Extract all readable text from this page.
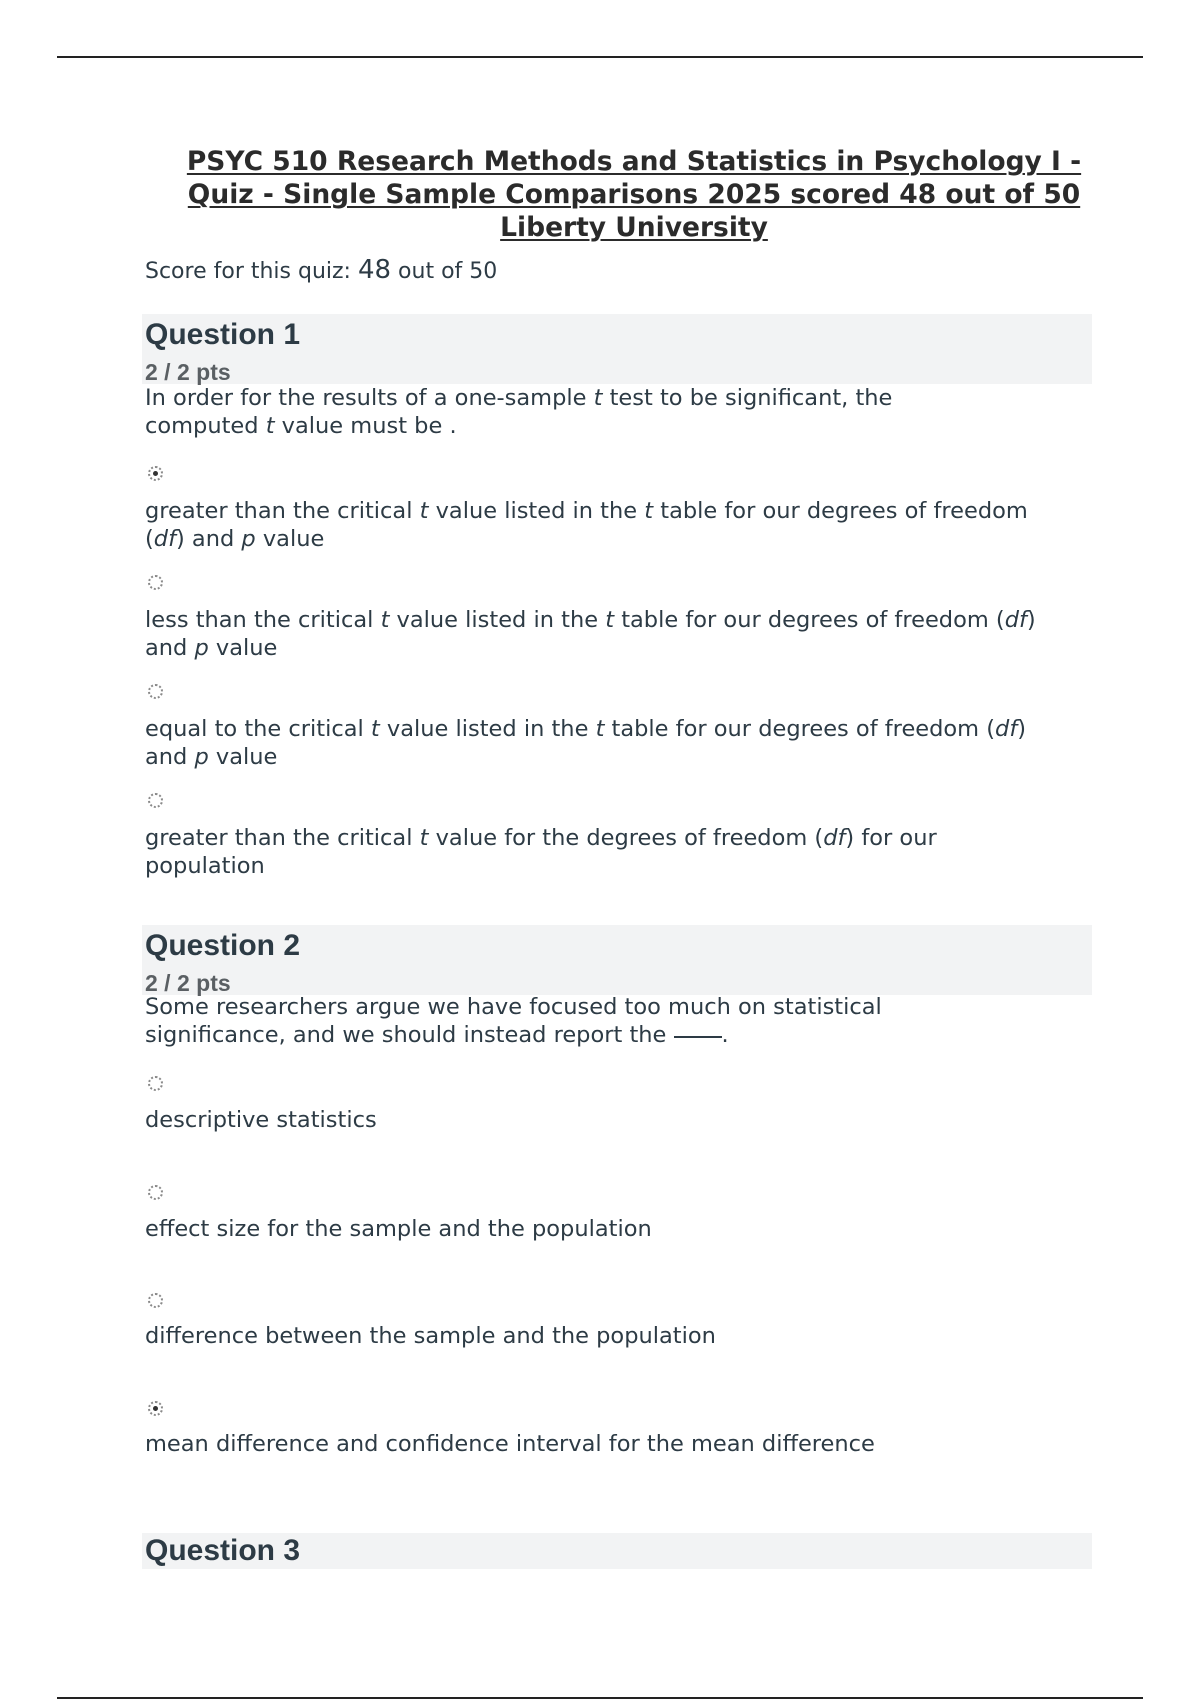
PSYC 510 Research Methods and Statistics in Psychology I -
Quiz - Single Sample Comparisons 2025 scored 48 out of 50
Liberty University
Score for this quiz: 48 out of 50
Question 1
2 / 2 pts
In order for the results of a one-sample t test to be significant, the computed t value must be .
greater than the critical t value listed in the t table for our degrees of freedom (df) and p value
less than the critical t value listed in the t table for our degrees of freedom (df) and p value
equal to the critical t value listed in the t table for our degrees of freedom (df) and p value
greater than the critical t value for the degrees of freedom (df) for our population
Question 2
2 / 2 pts
Some researchers argue we have focused too much on statistical significance, and we should instead report the .
descriptive statistics
effect size for the sample and the population
difference between the sample and the population
mean difference and confidence interval for the mean difference
Question 3
